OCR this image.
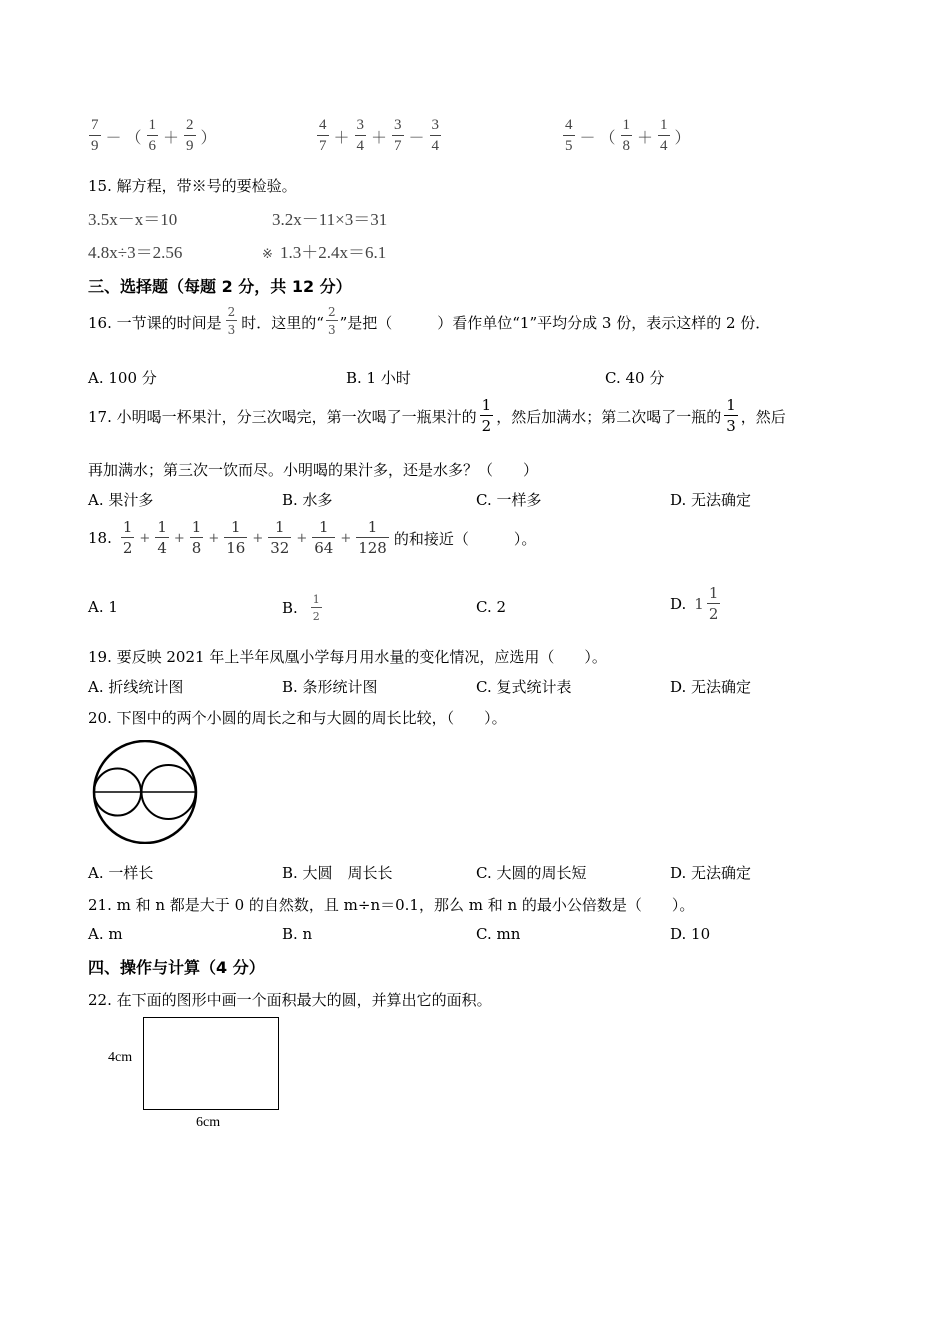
$\frac{7}{9}$ － （ $\frac{1}{6} + \frac{2}{9}$ ）	$\frac{4}{7} + \frac{3}{4} + \frac{3}{7} - \frac{3}{4}$	$\frac{4}{5}$ － （ $\frac{1}{8} + \frac{1}{4}$ ）
15. 解方程，带※号的要检验。
3.5x－x＝10	3.2x－11×3＝31
4.8x÷3＝2.56	※ 1.3＋2.4x＝6.1
三、选择题（每题 2 分，共 12 分）
16. 一节课的时间是 $\frac{2}{3}$ 时．这里的“ $\frac{2}{3}$ ”是把（　　　）看作单位“1”平均分成 3 份，表示这样的 2 份．
A. 100 分	B. 1 小时	C. 40 分
17. 小明喝一杯果汁，分三次喝完，第一次喝了一瓶果汁的 $\frac{1}{2}$ ，然后加满水；第二次喝了一瓶的 $\frac{1}{3}$ ，然后
再加满水；第三次一饮而尽。小明喝的果汁多，还是水多？（　　）
A. 果汁多	B. 水多	C. 一样多	D. 无法确定
18. $\frac{1}{2} + \frac{1}{4} + \frac{1}{8} + \frac{1}{16} + \frac{1}{32} + \frac{1}{64} + \frac{1}{128}$ 的和接近（　　　）。
A. 1	B. $\frac{1}{2}$	C. 2	D. $1 \frac{1}{2}$
19. 要反映 2021 年上半年凤凰小学每月用水量的变化情况，应选用（　　）。
A. 折线统计图	B. 条形统计图	C. 复式统计表	D. 无法确定
20. 下图中的两个小圆的周长之和与大圆的周长比较，（　　）。
A. 一样长	B. 大圆　周长长	C. 大圆的周长短	D. 无法确定
21. m 和 n 都是大于 0 的自然数，且 m÷n＝0.1，那么 m 和 n 的最小公倍数是（　　）。
A. m	B. n	C. mn	D. 10
四、操作与计算（4 分）
22. 在下面的图形中画一个面积最大的圆，并算出它的面积。
4cm
6cm
